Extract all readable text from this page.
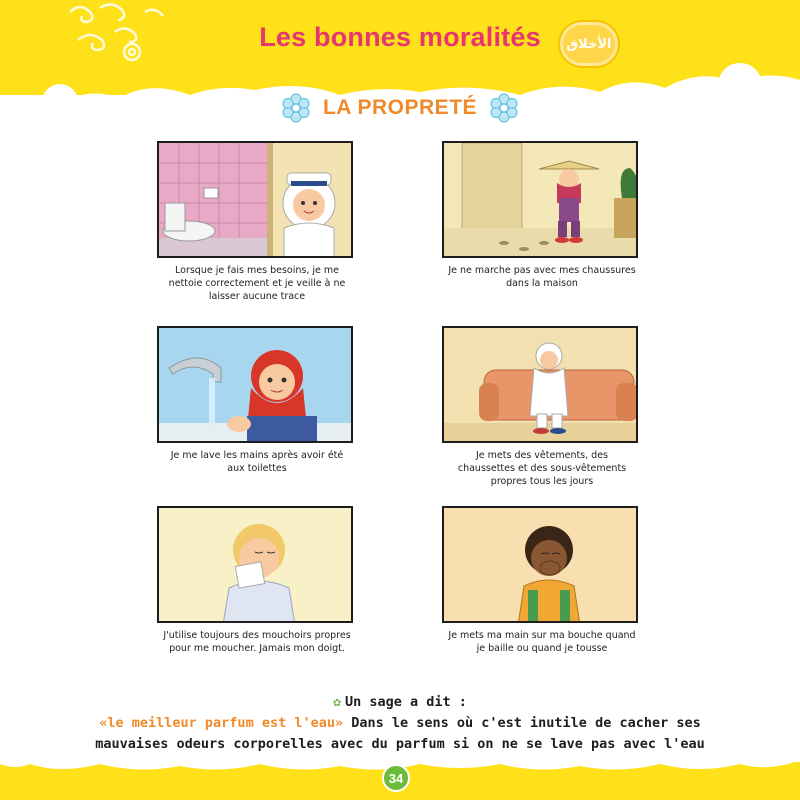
Les bonnes moralités	الأخلاق
LA PROPRETÉ
Lorsque je fais mes besoins, je me nettoie correctement et je veille à ne laisser aucune trace
Je ne marche pas avec mes chaussures dans la maison
Je me lave les mains après avoir été aux toilettes
Je mets des vêtements, des chaussettes et des sous-vêtements propres tous les jours
J'utilise toujours des mouchoirs propres pour me moucher. Jamais mon doigt.
Je mets ma main sur ma bouche quand je baille ou quand je tousse
✿ Un sage a dit :
«le meilleur parfum est l'eau» Dans le sens où c'est inutile de cacher ses
mauvaises odeurs corporelles avec du parfum si on ne se lave pas avec l'eau
34
